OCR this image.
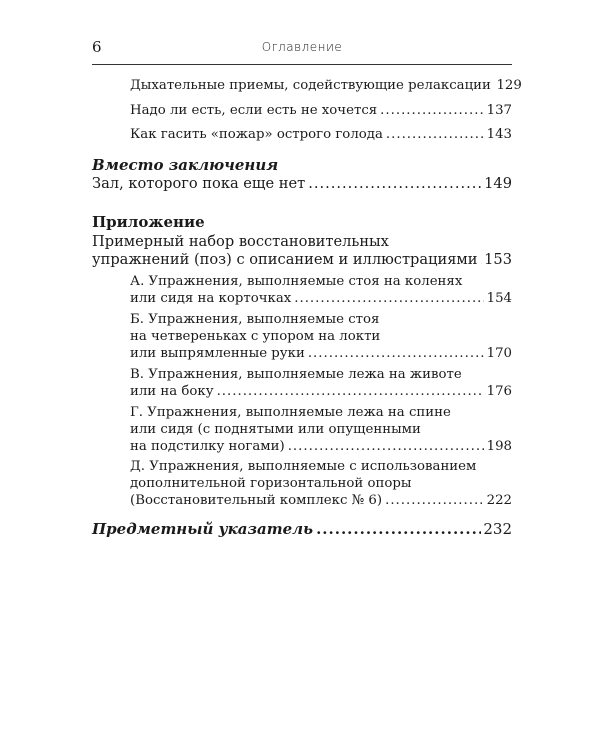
6	Оглавление
Дыхательные приемы, содействующие релаксации 129
Надо ли есть, если есть не хочется .....	137
Как гасить «пожар» острого голода .....	143
Вместо заключения
Зал, которого пока еще нет .....	149
Приложение
Примерный набор восстановительных
упражнений (поз) с описанием и иллюстрациями ..... 153
А. Упражнения, выполняемые стоя на коленях
или сидя на корточках .....	154
Б. Упражнения, выполняемые стоя
на четвереньках с упором на локти
или выпрямленные руки .....	170
В. Упражнения, выполняемые лежа на животе
или на боку .....	176
Г. Упражнения, выполняемые лежа на спине
или сидя (с поднятыми или опущенными
на подстилку ногами) .....	198
Д. Упражнения, выполняемые с использованием
дополнительной горизонтальной опоры
(Восстановительный комплекс № 6) .....	222
Предметный указатель .....	232
